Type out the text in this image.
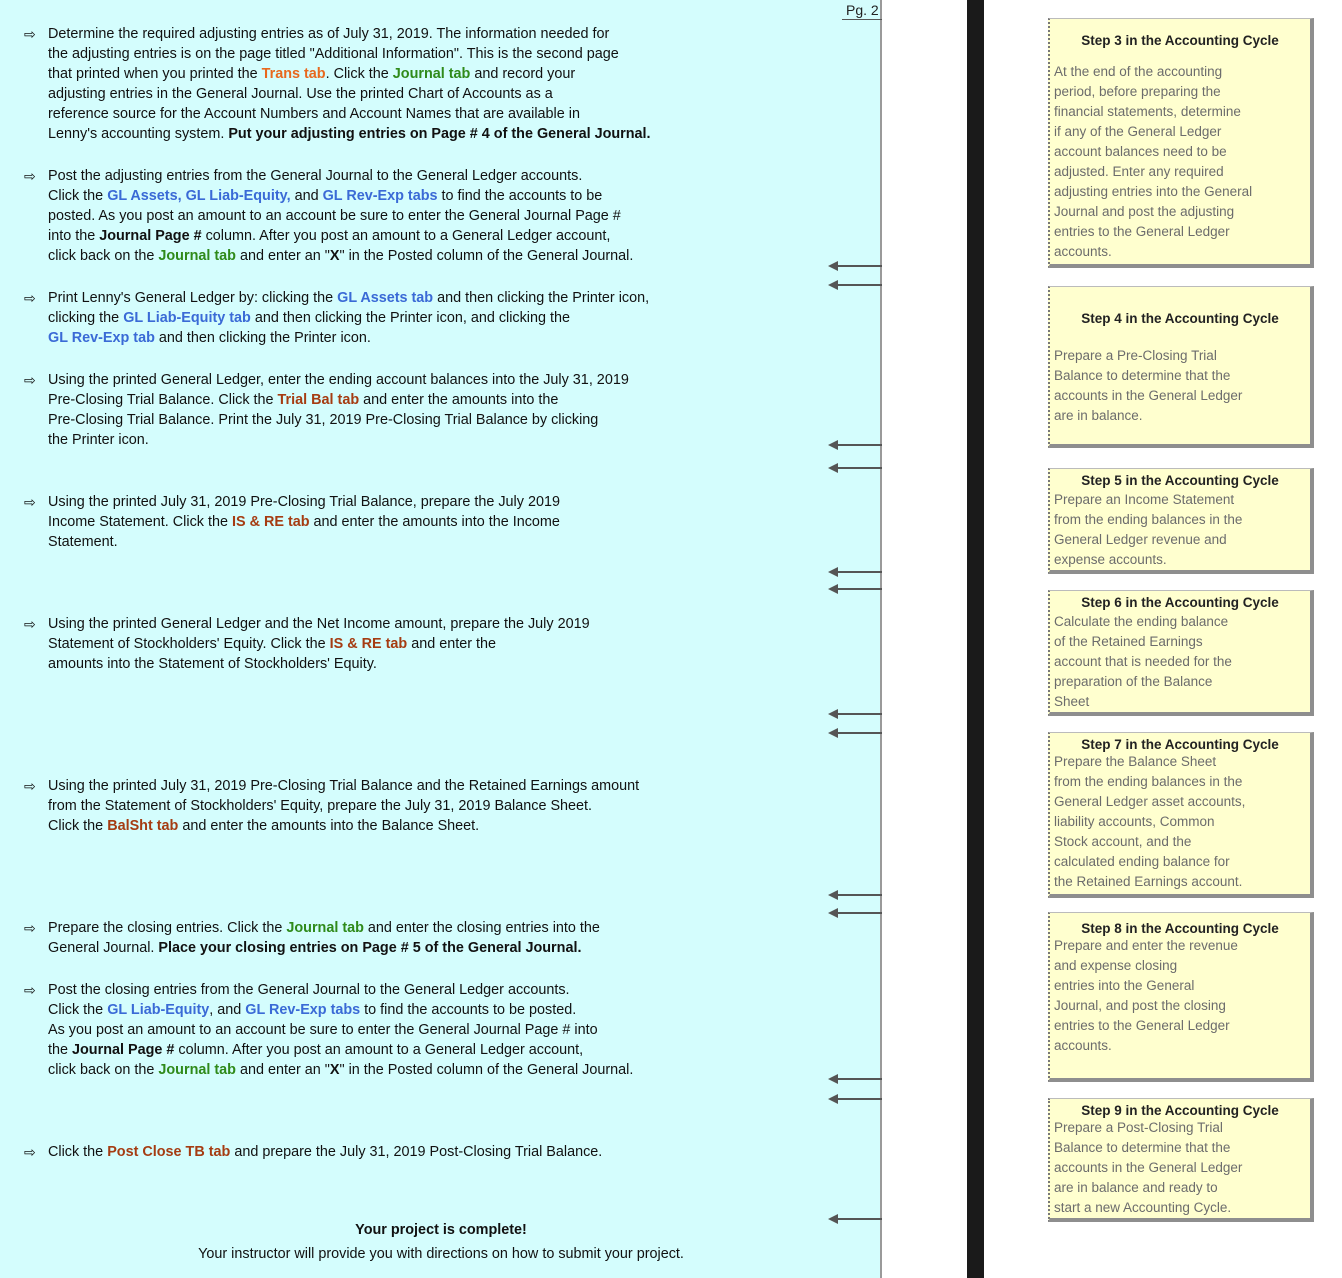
Pg. 2
⇨ Determine the required adjusting entries as of July 31, 2019. The information needed for

the adjusting entries is on the page titled "Additional Information". This is the second page

that printed when you printed the Trans tab. Click the Journal tab and record your

adjusting entries in the General Journal. Use the printed Chart of Accounts as a

reference source for the Account Numbers and Account Names that are available in

Lenny's accounting system. Put your adjusting entries on Page # 4 of the General Journal.

⇨ Post the adjusting entries from the General Journal to the General Ledger accounts.

Click the GL Assets, GL Liab-Equity, and GL Rev-Exp tabs to find the accounts to be

posted. As you post an amount to an account be sure to enter the General Journal Page #

into the Journal Page # column. After you post an amount to a General Ledger account,

click back on the Journal tab and enter an "X" in the Posted column of the General Journal.

⇨ Print Lenny's General Ledger by: clicking the GL Assets tab and then clicking the Printer icon,

clicking the GL Liab-Equity tab and then clicking the Printer icon, and clicking the

GL Rev-Exp tab and then clicking the Printer icon.

⇨ Using the printed General Ledger, enter the ending account balances into the July 31, 2019

Pre-Closing Trial Balance. Click the Trial Bal tab and enter the amounts into the

Pre-Closing Trial Balance. Print the July 31, 2019 Pre-Closing Trial Balance by clicking

the Printer icon.

⇨ Using the printed July 31, 2019 Pre-Closing Trial Balance, prepare the July 2019

Income Statement. Click the IS & RE tab and enter the amounts into the Income

Statement.

⇨ Using the printed General Ledger and the Net Income amount, prepare the July 2019

Statement of Stockholders' Equity. Click the IS & RE tab and enter the

amounts into the Statement of Stockholders' Equity.

⇨ Using the printed July 31, 2019 Pre-Closing Trial Balance and the Retained Earnings amount

from the Statement of Stockholders' Equity, prepare the July 31, 2019 Balance Sheet.

Click the BalSht tab and enter the amounts into the Balance Sheet.

⇨ Prepare the closing entries. Click the Journal tab and enter the closing entries into the

General Journal. Place your closing entries on Page # 5 of the General Journal.

⇨ Post the closing entries from the General Journal to the General Ledger accounts.

Click the GL Liab-Equity, and GL Rev-Exp tabs to find the accounts to be posted.

As you post an amount to an account be sure to enter the General Journal Page # into

the Journal Page # column. After you post an amount to a General Ledger account,

click back on the Journal tab and enter an "X" in the Posted column of the General Journal.

⇨ Click the Post Close TB tab and prepare the July 31, 2019 Post-Closing Trial Balance.

Your project is complete!
Your instructor will provide you with directions on how to submit your project.
Step 3 in the Accounting Cycle
At the end of the accounting
period, before preparing the
financial statements, determine
if any of the General Ledger
account balances need to be
adjusted. Enter any required
adjusting entries into the General
Journal and post the adjusting
entries to the General Ledger
accounts.
Step 4 in the Accounting Cycle
Prepare a Pre-Closing Trial
Balance to determine that the
accounts in the General Ledger
are in balance.
Step 5 in the Accounting Cycle
Prepare an Income Statement
from the ending balances in the
General Ledger revenue and
expense accounts.
Step 6 in the Accounting Cycle
Calculate the ending balance
of the Retained Earnings
account that is needed for the
preparation of the Balance
Sheet
Step 7 in the Accounting Cycle
Prepare the Balance Sheet
from the ending balances in the
General Ledger asset accounts,
liability accounts, Common
Stock account, and the
calculated ending balance for
the Retained Earnings account.
Step 8 in the Accounting Cycle
Prepare and enter the revenue
and expense closing
entries into the General
Journal, and post the closing
entries to the General Ledger
accounts.
Step 9 in the Accounting Cycle
Prepare a Post-Closing Trial
Balance to determine that the
accounts in the General Ledger
are in balance and ready to
start a new Accounting Cycle.
